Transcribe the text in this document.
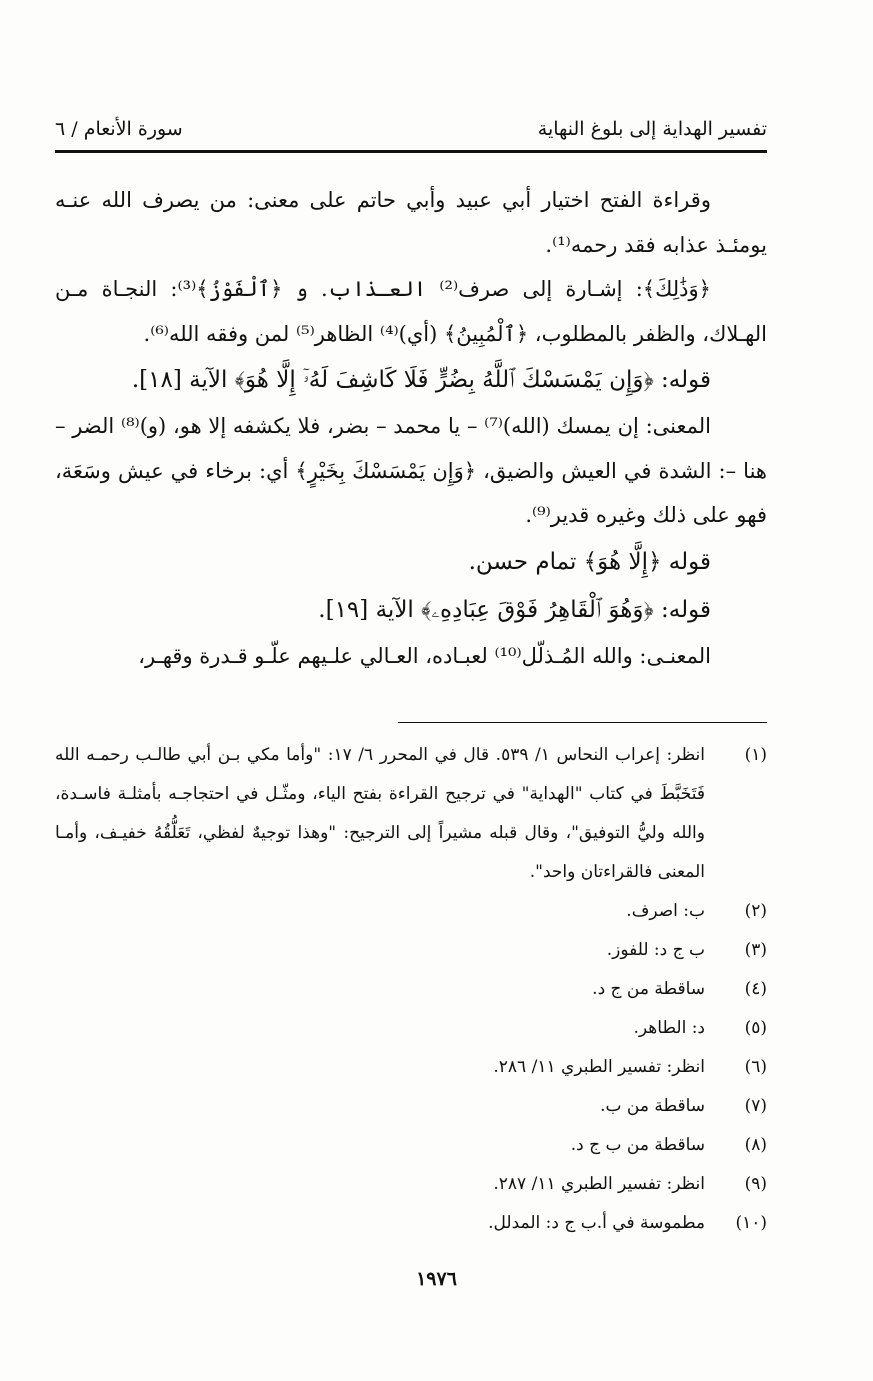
تفسير الهداية إلى بلوغ النهاية
سورة الأنعام / ٦

وقراءة الفتح اختيار أبي عبيد وأبي حاتم على معنى: من يصرف الله عنـه يومئـذ عذابه فقد رحمه⁽¹⁾.

﴿وَذَٰلِكَ﴾: إشـارة إلى صرف⁽²⁾ العـذاب. و ﴿ٱلْفَوْزُ﴾⁽³⁾: النجـاة مـن الهـلاك، والظفر بالمطلوب، ﴿ٱلْمُبِينُ﴾ (أي)⁽⁴⁾ الظاهر⁽⁵⁾ لمن وفقه الله⁽⁶⁾.

قوله: ﴿وَإِن يَمْسَسْكَ ٱللَّهُ بِضُرٍّ فَلَا كَاشِفَ لَهُۥٓ إِلَّا هُوَ﴾ الآية [١٨].

المعنى: إن يمسك (الله)⁽⁷⁾ – يا محمد – بضر، فلا يكشفه إلا هو، (و)⁽⁸⁾ الضر – هنا –: الشدة في العيش والضيق، ﴿وَإِن يَمْسَسْكَ بِخَيْرٍ﴾ أي: برخاء في عيش وسَعَة، فهو على ذلك وغيره قدير⁽⁹⁾.

قوله ﴿إِلَّا هُوَ﴾ تمام حسن.

قوله: ﴿وَهُوَ ٱلْقَاهِرُ فَوْقَ عِبَادِهِۦ﴾ الآية [١٩].

المعنـى: والله المُـذلّل⁽¹⁰⁾ لعبـاده، العـالي علـيهم علّـو قـدرة وقهـر،

(١)
انظر: إعراب النحاس ١/ ٥٣٩. قال في المحرر ٦/ ١٧: "وأما مكي بـن أبي طالـب رحمـه الله فَتَخَبَّطَ في كتاب "الهداية" في ترجيح القراءة بفتح الياء، ومثّـل في احتجاجـه بأمثلـة فاسـدة، والله وليُّ التوفيق"، وقال قبله مشيراً إلى الترجيح: "وهذا توجيهٌ لفظي، تَعَلُّقُهُ خفيـف، وأمـا المعنى فالقراءتان واحد".
(٢)
ب: اصرف.
(٣)
ب ج د: للفوز.
(٤)
ساقطة من ج د.
(٥)
د: الطاهر.
(٦)
انظر: تفسير الطبري ١١/ ٢٨٦.
(٧)
ساقطة من ب.
(٨)
ساقطة من ب ج د.
(٩)
انظر: تفسير الطبري ١١/ ٢٨٧.
(١٠)
مطموسة في أ.ب ج د: المدلل.
١٩٧٦
